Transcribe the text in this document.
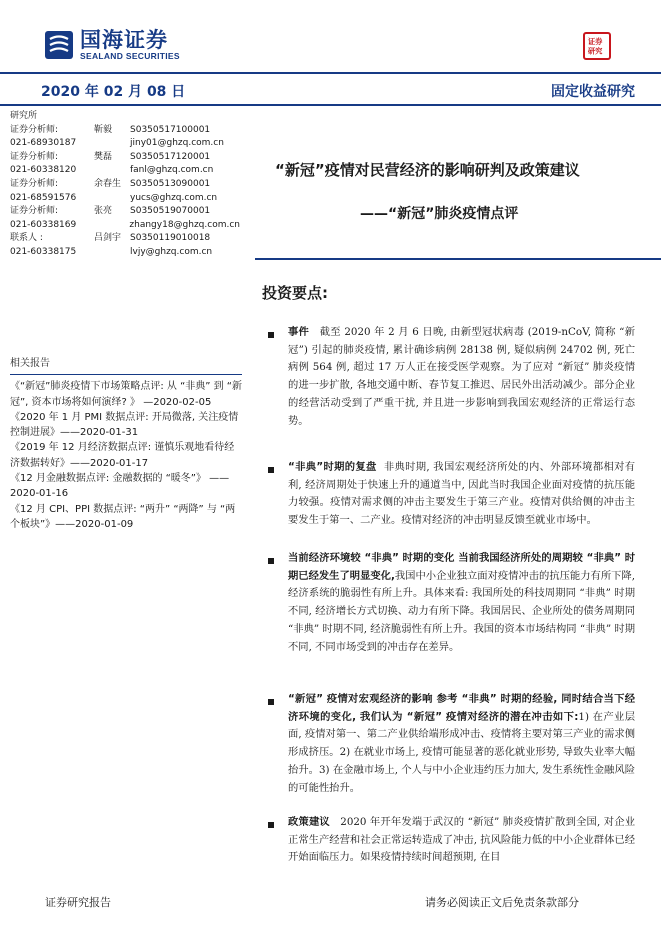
国海证券
SEALAND SECURITIES
证券
研究
2020 年 02 月 08 日	固定收益研究
研究所
证券分析师:	靳毅	S0350517100001
021-68930187	jiny01@ghzq.com.cn
证券分析师:	樊磊	S0350517120001
021-60338120	fanl@ghzq.com.cn
证券分析师:	余春生 S0350513090001
021-68591576	yucs@ghzq.com.cn
证券分析师:	张亮	S0350519070001
021-60338169	zhangy18@ghzq.com.cn
联系人 :	吕剑宇 S0350119010018
021-60338175	lvjy@ghzq.com.cn
相关报告

《“新冠”肺炎疫情下市场策略点评: 从 “非典” 到 “新冠”, 资本市场将如何演绎? 》 —2020-02-05

《2020 年 1 月 PMI 数据点评: 开局微落, 关注疫情控制进展》——2020-01-31

《2019 年 12 月经济数据点评: 谨慎乐观地看待经济数据转好》——2020-01-17

《12 月金融数据点评: 金融数据的 “暖冬”》 ——2020-01-16

《12 月 CPI、PPI 数据点评: “两升” “两降” 与 “两个板块”》——2020-01-09

“新冠”疫情对民营经济的影响研判及政策建议
——“新冠”肺炎疫情点评
投资要点:
事件 截至 2020 年 2 月 6 日晚, 由新型冠状病毒 (2019-nCoV, 简称 “新冠”) 引起的肺炎疫情, 累计确诊病例 28138 例, 疑似病例 24702 例, 死亡病例 564 例, 超过 17 万人正在接受医学观察。为了应对 “新冠” 肺炎疫情的进一步扩散, 各地交通中断、春节复工推迟、居民外出活动减少。部分企业的经营活动受到了严重干扰, 并且进一步影响到我国宏观经济的正常运行态势。
“非典”时期的复盘 非典时期, 我国宏观经济所处的内、外部环境都相对有利, 经济周期处于快速上升的通道当中, 因此当时我国企业面对疫情的抗压能力较强。疫情对需求侧的冲击主要发生于第三产业。疫情对供给侧的冲击主要发生于第一、二产业。疫情对经济的冲击明显反馈至就业市场中。
当前经济环境较 “非典” 时期的变化 当前我国经济所处的周期较 “非典” 时期已经发生了明显变化,我国中小企业独立面对疫情冲击的抗压能力有所下降, 经济系统的脆弱性有所上升。具体来看: 我国所处的科技周期同 “非典” 时期不同, 经济增长方式切换、动力有所下降。我国居民、企业所处的债务周期同 “非典” 时期不同, 经济脆弱性有所上升。我国的资本市场结构同 “非典” 时期不同, 不同市场受到的冲击存在差异。
“新冠” 疫情对宏观经济的影响 参考 “非典” 时期的经验, 同时结合当下经济环境的变化, 我们认为 “新冠” 疫情对经济的潜在冲击如下:1) 在产业层面, 疫情对第一、第二产业供给端形成冲击、疫情将主要对第三产业的需求侧形成挤压。2) 在就业市场上, 疫情可能显著的恶化就业形势, 导致失业率大幅抬升。3) 在金融市场上, 个人与中小企业违约压力加大, 发生系统性金融风险的可能性抬升。
政策建议 2020 年开年发端于武汉的 “新冠” 肺炎疫情扩散到全国, 对企业正常生产经营和社会正常运转造成了冲击, 抗风险能力低的中小企业群体已经开始面临压力。如果疫情持续时间超预期, 在目
证券研究报告	请务必阅读正文后免责条款部分
